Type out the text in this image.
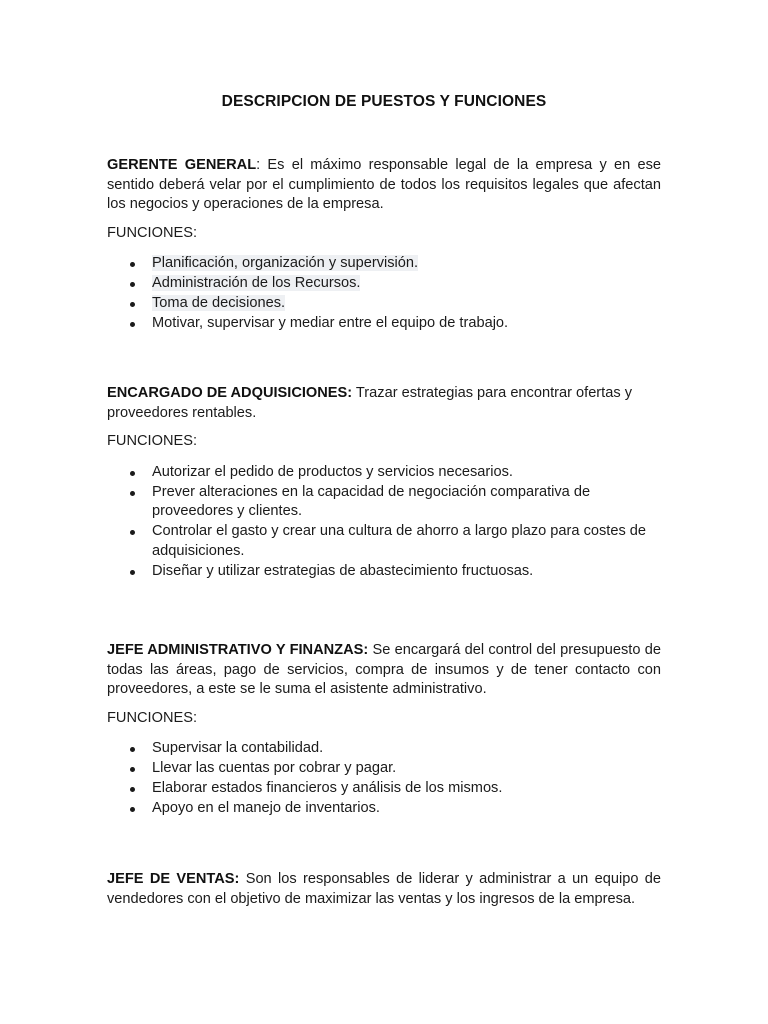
DESCRIPCION DE PUESTOS Y FUNCIONES

GERENTE GENERAL: Es el máximo responsable legal de la empresa y en ese sentido deberá velar por el cumplimiento de todos los requisitos legales que afectan los negocios y operaciones de la empresa.

FUNCIONES:
Planificación, organización y supervisión.
Administración de los Recursos.
Toma de decisiones.
Motivar, supervisar y mediar entre el equipo de trabajo.

ENCARGADO DE ADQUISICIONES: Trazar estrategias para encontrar ofertas y proveedores rentables.

FUNCIONES:
Autorizar el pedido de productos y servicios necesarios.
Prever alteraciones en la capacidad de negociación comparativa de proveedores y clientes.
Controlar el gasto y crear una cultura de ahorro a largo plazo para costes de adquisiciones.
Diseñar y utilizar estrategias de abastecimiento fructuosas.

JEFE ADMINISTRATIVO Y FINANZAS: Se encargará del control del presupuesto de todas las áreas, pago de servicios, compra de insumos y de tener contacto con proveedores, a este se le suma el asistente administrativo.

FUNCIONES:
Supervisar la contabilidad.
Llevar las cuentas por cobrar y pagar.
Elaborar estados financieros y análisis de los mismos.
Apoyo en el manejo de inventarios.

JEFE DE VENTAS: Son los responsables de liderar y administrar a un equipo de vendedores con el objetivo de maximizar las ventas y los ingresos de la empresa.
